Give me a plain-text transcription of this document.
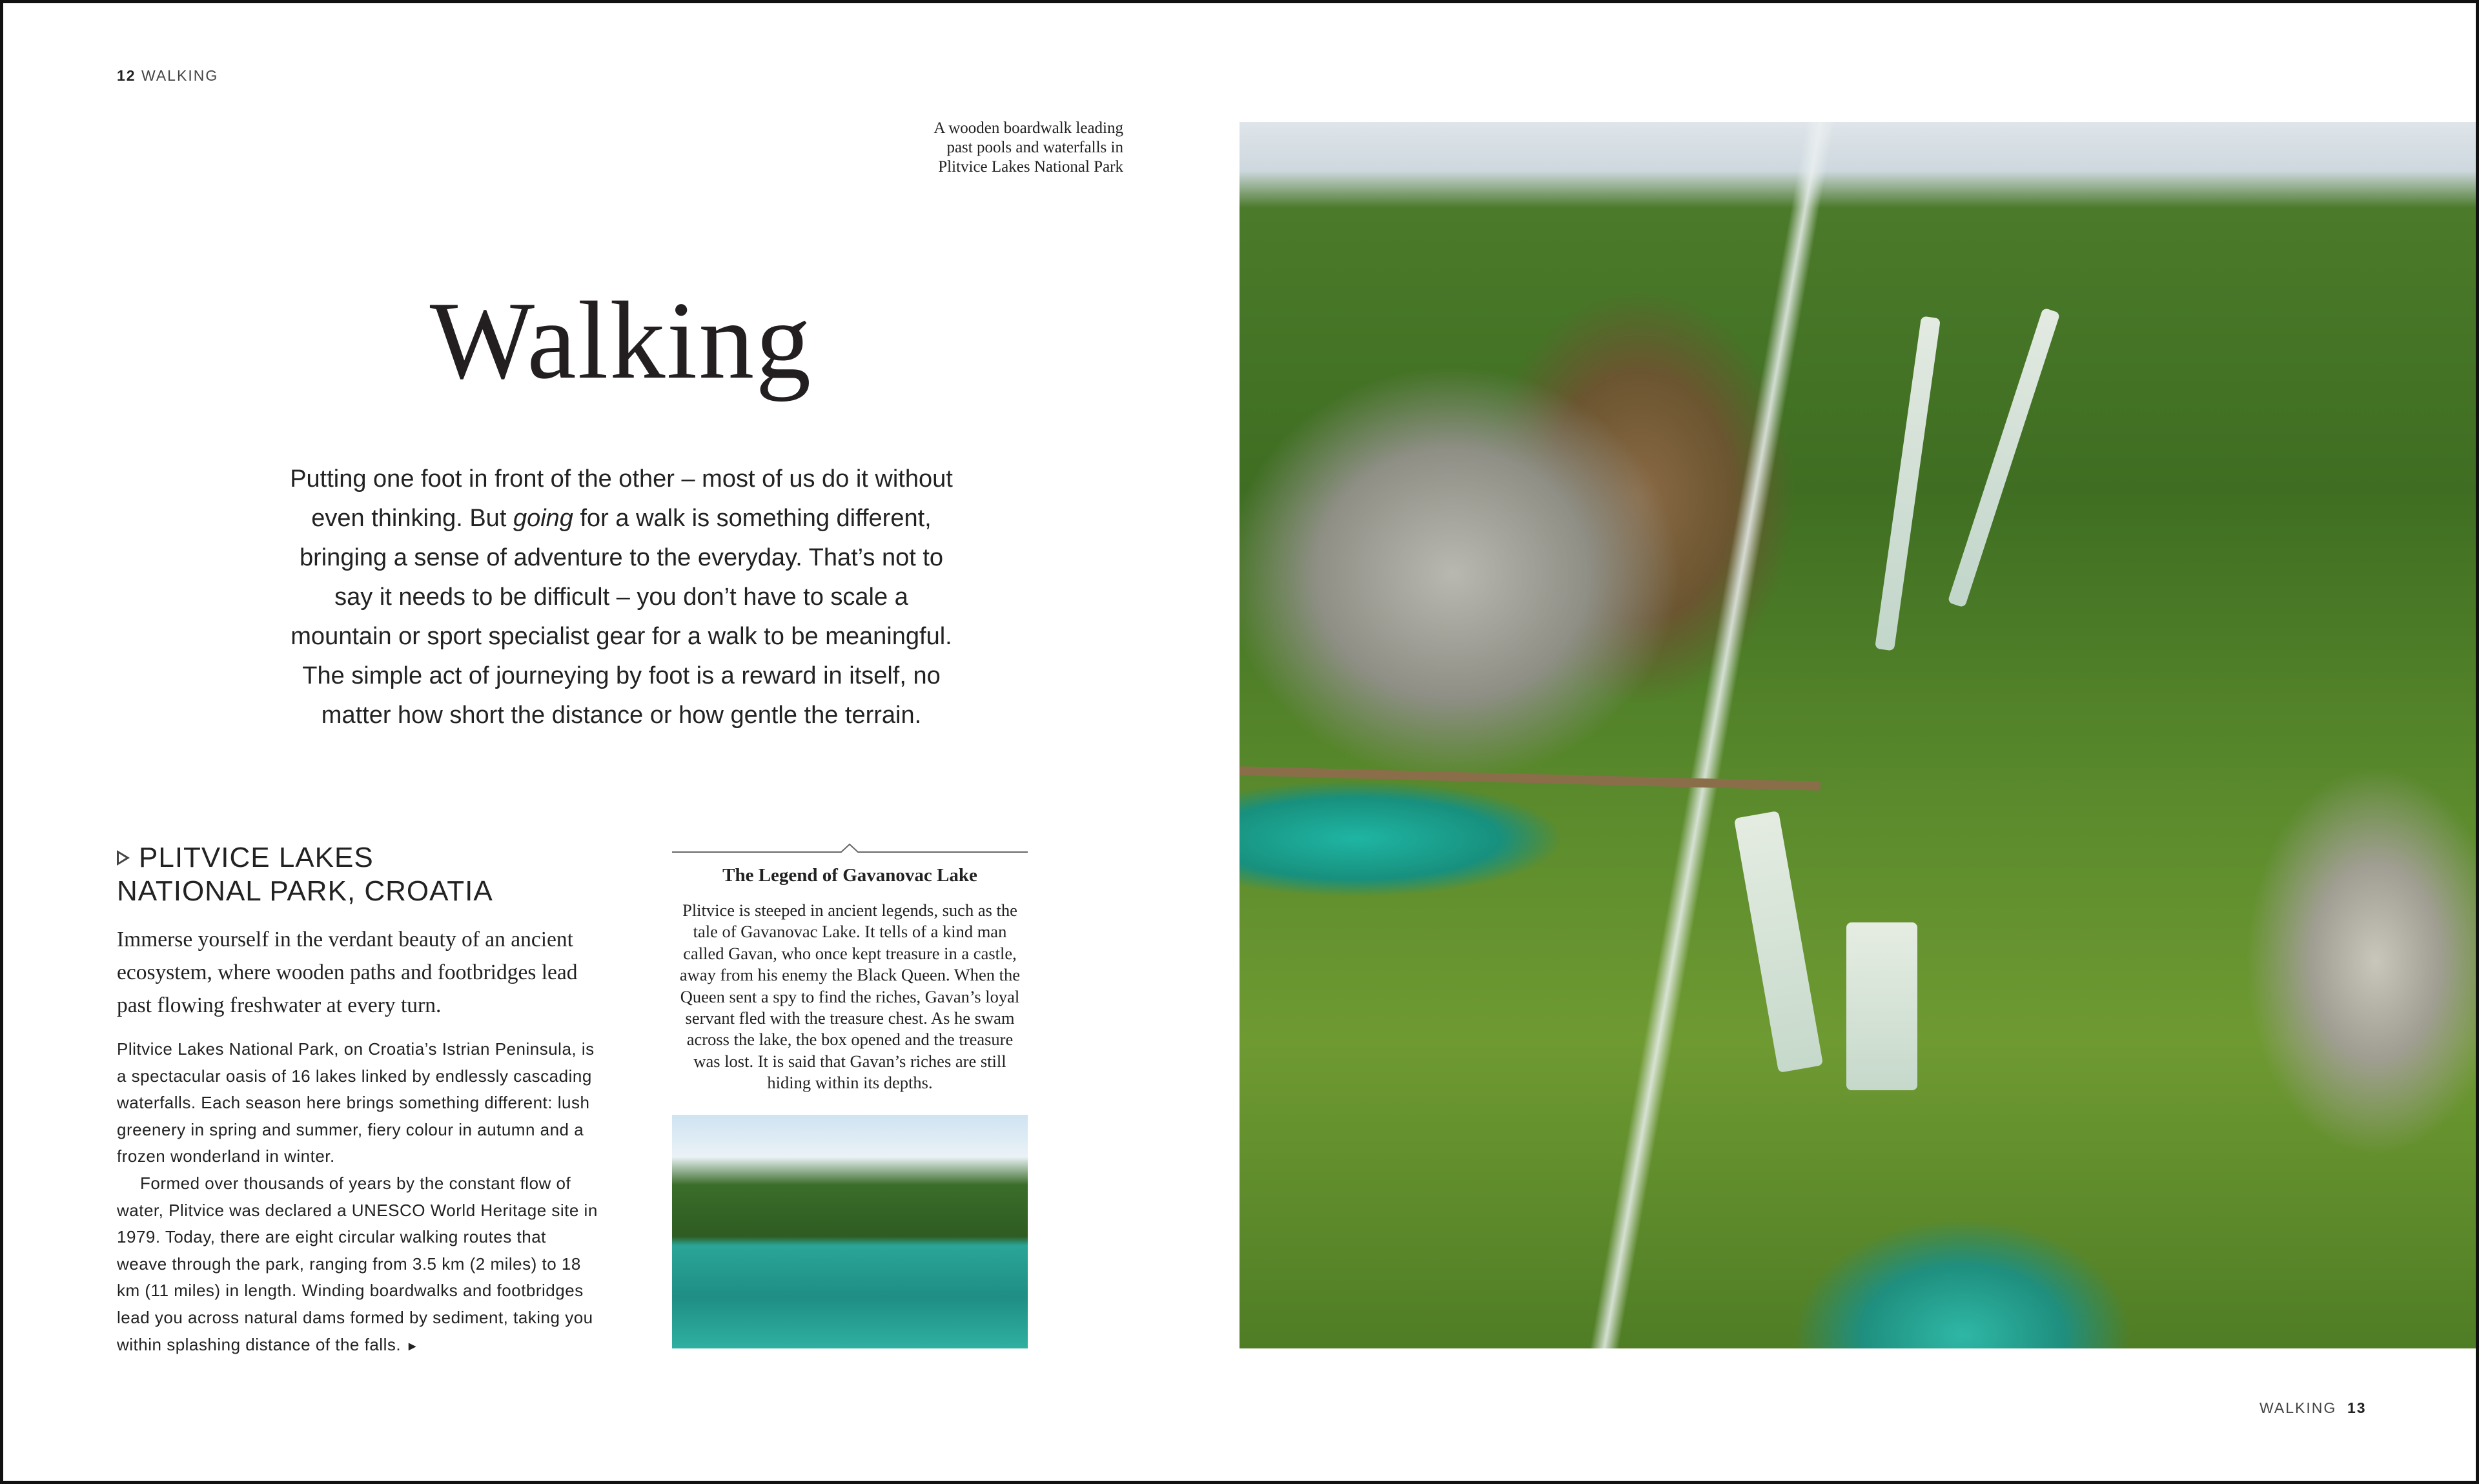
12 WALKING
A wooden boardwalk leading past pools and waterfalls in Plitvice Lakes National Park
Walking
Putting one foot in front of the other – most of us do it without even thinking. But going for a walk is something different, bringing a sense of adventure to the everyday. That’s not to say it needs to be difficult – you don’t have to scale a mountain or sport specialist gear for a walk to be meaningful. The simple act of journeying by foot is a reward in itself, no matter how short the distance or how gentle the terrain.
PLITVICE LAKES
NATIONAL PARK, CROATIA
Immerse yourself in the verdant beauty of an ancient ecosystem, where wooden paths and footbridges lead past flowing freshwater at every turn.

Plitvice Lakes National Park, on Croatia’s Istrian Peninsula, is a spectacular oasis of 16 lakes linked by endlessly cascading waterfalls. Each season here brings something different: lush greenery in spring and summer, fiery colour in autumn and a frozen wonderland in winter.

Formed over thousands of years by the constant flow of water, Plitvice was declared a UNESCO World Heritage site in 1979. Today, there are eight circular walking routes that weave through the park, ranging from 3.5 km (2 miles) to 18 km (11 miles) in length. Winding boardwalks and footbridges lead you across natural dams formed by sediment, taking you within splashing distance of the falls. ►

The Legend of Gavanovac Lake
Plitvice is steeped in ancient legends, such as the tale of Gavanovac Lake. It tells of a kind man called Gavan, who once kept treasure in a castle, away from his enemy the Black Queen. When the Queen sent a spy to find the riches, Gavan’s loyal servant fled with the treasure chest. As he swam across the lake, the box opened and the treasure was lost. It is said that Gavan’s riches are still hiding within its depths.
WALKING 13
